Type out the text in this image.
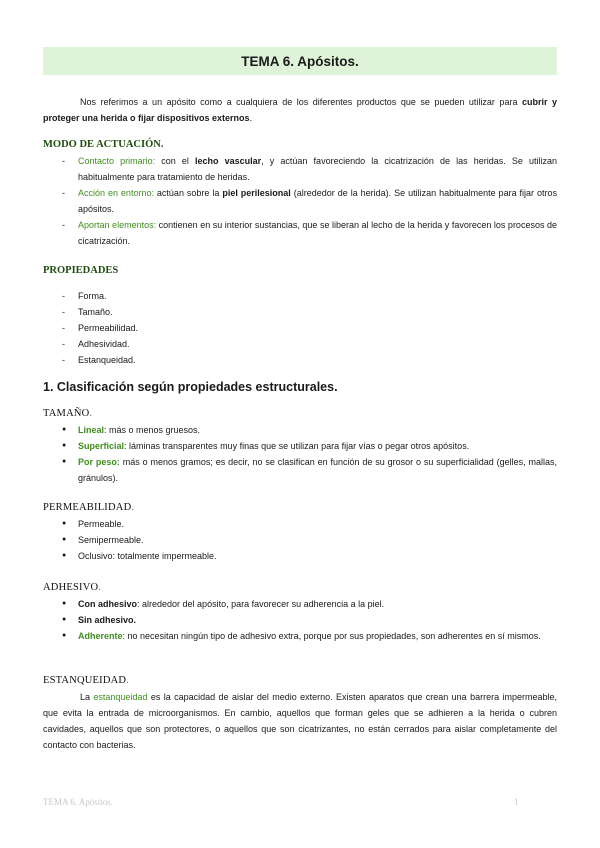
TEMA 6. Apósitos.

Nos referimos a un apósito como a cualquiera de los diferentes productos que se pueden utilizar para cubrir y proteger una herida o fijar dispositivos externos.

MODO DE ACTUACIÓN.
- Contacto primario: con el lecho vascular, y actúan favoreciendo la cicatrización de las heridas. Se utilizan habitualmente para tratamiento de heridas.
- Acción en entorno: actúan sobre la piel perilesional (alrededor de la herida). Se utilizan habitualmente para fijar otros apósitos.
- Aportan elementos: contienen en su interior sustancias, que se liberan al lecho de la herida y favorecen los procesos de cicatrización.
PROPIEDADES
- Forma.
- Tamaño.
- Permeabilidad.
- Adhesividad.
- Estanqueidad.
1. Clasificación según propiedades estructurales.
TAMAÑO.
● Lineal: más o menos gruesos.
● Superficial: láminas transparentes muy finas que se utilizan para fijar vías o pegar otros apósitos.
● Por peso: más o menos gramos; es decir, no se clasifican en función de su grosor o su superficialidad (gelles, mallas, gránulos).
PERMEABILIDAD.
● Permeable.
● Semipermeable.
● Oclusivo: totalmente impermeable.
ADHESIVO.
● Con adhesivo: alrededor del apósito, para favorecer su adherencia a la piel.
● Sin adhesivo.
● Adherente: no necesitan ningún tipo de adhesivo extra, porque por sus propiedades, son adherentes en sí mismos.
ESTANQUEIDAD.

La estanqueidad es la capacidad de aislar del medio externo. Existen aparatos que crean una barrera impermeable, que evita la entrada de microorganismos. En cambio, aquellos que forman geles que se adhieren a la herida o cubren cavidades, aquellos que son protectores, o aquellos que son cicatrizantes, no están cerrados para aislar completamente del contacto con bacterias.

TEMA 6. Apósitos.	1
